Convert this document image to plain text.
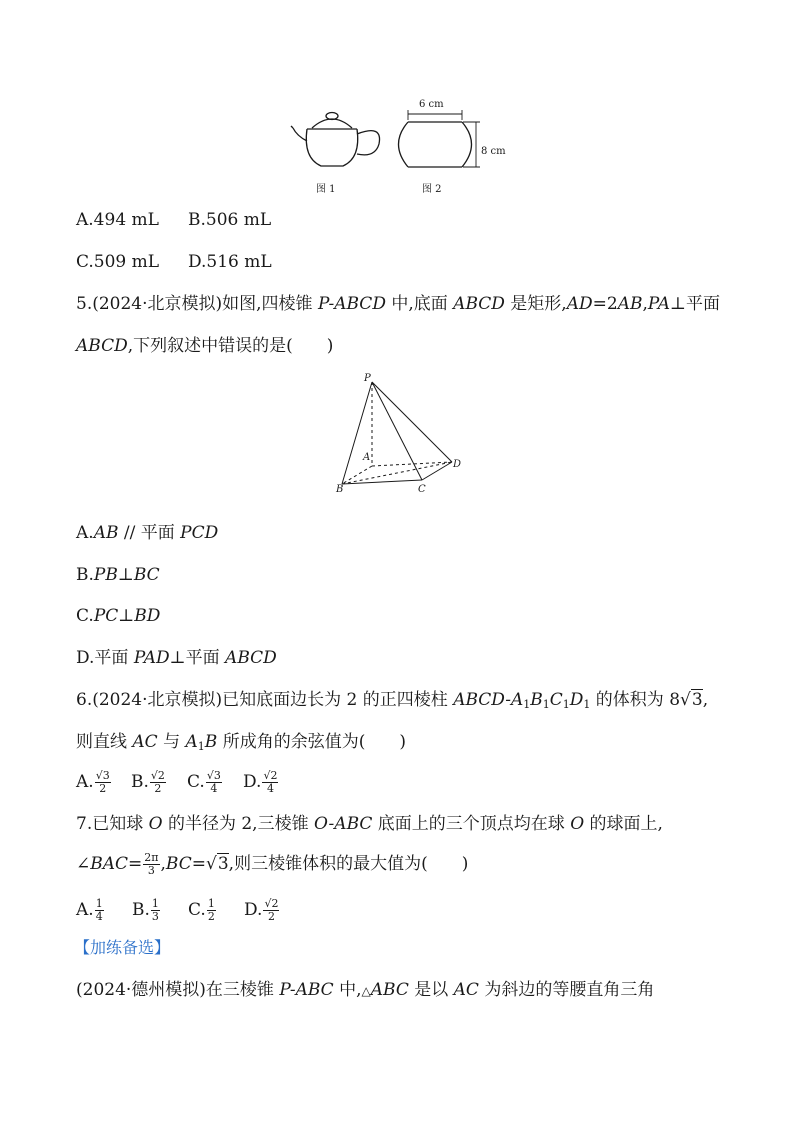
6 cm
8 cm
图 1	图 2
A.494 mL B.506 mL
C.509 mL D.516 mL
5.(2024·北京模拟)如图,四棱锥 P-ABCD 中,底面 ABCD 是矩形,AD=2AB,PA⊥平面
ABCD,下列叙述中错误的是(　　)
P
A
B	C
D
A.AB // 平面 PCD
B.PB⊥BC
C.PC⊥BD
D.平面 PAD⊥平面 ABCD
6.(2024·北京模拟)已知底面边长为 2 的正四棱柱 ABCD-$A_1B_1C_1D_1$ 的体积为 8√3,
则直线 AC 与 $A_1B$ 所成角的余弦值为(　　)
A. $\frac{√3}{2} B$. $\frac{√2}{2} C$. $\frac{√3}{4} D$. $\frac{√2}{4}$
7.已知球 O 的半径为 2,三棱锥 O-ABC 底面上的三个顶点均在球 O 的球面上,
∠BAC= $\frac{2\pi}{3} ,BC=√3$,则三棱锥体积的最大值为(　　)
A. $\frac{1}{4} B$. $\frac{1}{3} C$. $\frac{1}{2} D$. $\frac{√2}{2}$
【加练备选】
(2024·德州模拟)在三棱锥 P-ABC 中,△ABC 是以 AC 为斜边的等腰直角三角
